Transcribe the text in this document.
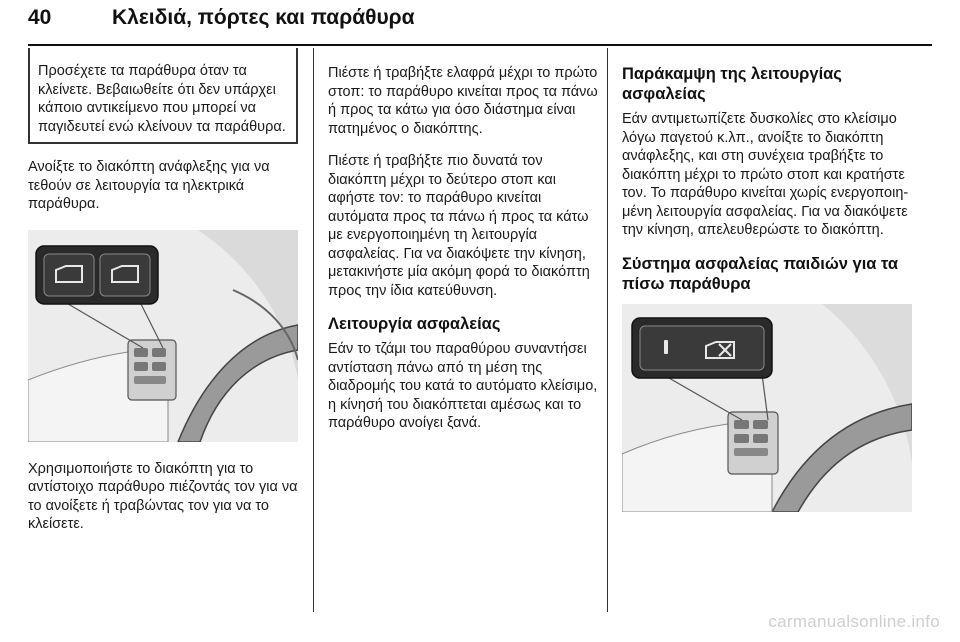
40	Κλειδιά, πόρτες και παράθυρα
Προσέχετε τα παράθυρα όταν τα κλείνετε. Βεβαιωθείτε ότι δεν υπάρχει κάποιο αντικείμενο που μπορεί να παγιδευτεί ενώ κλείνουν τα παράθυρα.

Ανοίξτε το διακόπτη ανάφλεξης για να τεθούν σε λειτουργία τα ηλεκτρικά παράθυρα.

Χρησιμοποιήστε το διακόπτη για το αντίστοιχο παράθυρο πιέζοντάς τον για να το ανοίξετε ή τραβώντας τον για να το κλείσετε.

Πιέστε ή τραβήξτε ελαφρά μέχρι το πρώτο στοπ: το παράθυρο κινείται προς τα πάνω ή προς τα κάτω για όσο διάστημα είναι πατημένος ο διακόπτης.

Πιέστε ή τραβήξτε πιο δυνατά τον διακόπτη μέχρι το δεύτερο στοπ και αφήστε τον: το παράθυρο κινείται αυτόματα προς τα πάνω ή προς τα κάτω με ενεργοποιημένη τη λειτουργία ασφαλείας. Για να διακόψετε την κίνηση, μετακινήστε μία ακόμη φορά το διακόπτη προς την ίδια κατεύθυνση.

Λειτουργία ασφαλείας

Εάν το τζάμι του παραθύρου συναντήσει αντίσταση πάνω από τη μέση της διαδρομής του κατά το αυτόματο κλείσιμο, η κίνησή του διακόπτεται αμέσως και το παράθυρο ανοίγει ξανά.

Παράκαμψη της λειτουργίας ασφαλείας

Εάν αντιμετωπίζετε δυσκολίες στο κλείσιμο λόγω παγετού κ.λπ., ανοίξτε το διακόπτη ανάφλεξης, και στη συνέχεια τραβήξτε το διακόπτη μέχρι το πρώτο στοπ και κρατήστε τον. Το παράθυρο κινείται χωρίς ενεργοποιημένη λειτουργία ασφαλείας. Για να διακόψετε την κίνηση, απελευθερώστε το διακόπτη.

Σύστημα ασφαλείας παιδιών για τα πίσω παράθυρα
carmanualsonline.info
